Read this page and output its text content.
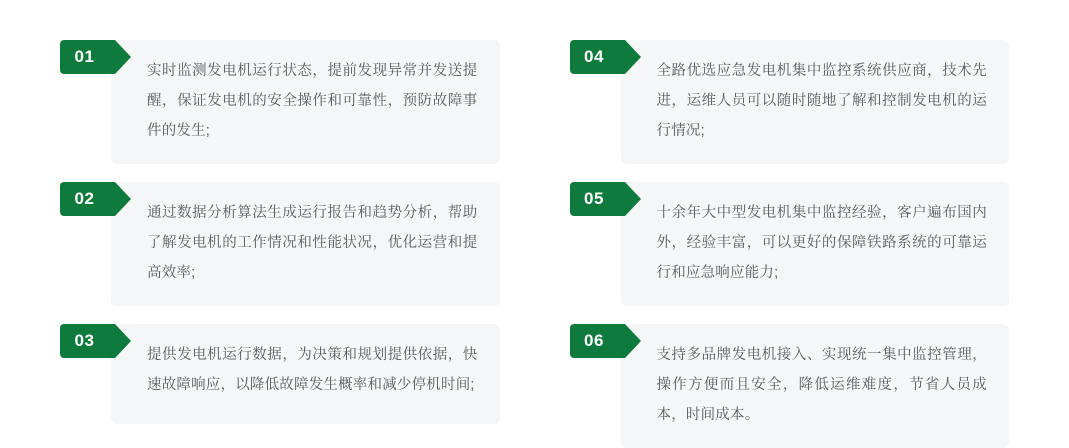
01
实时监测发电机运行状态，提前发现异常并发送提醒，保证发电机的安全操作和可靠性，预防故障事件的发生;
04
全路优选应急发电机集中监控系统供应商，技术先进，运维人员可以随时随地了解和控制发电机的运行情况;
02
通过数据分析算法生成运行报告和趋势分析，帮助了解发电机的工作情况和性能状况，优化运营和提高效率;
05
十余年大中型发电机集中监控经验，客户遍布国内外，经验丰富，可以更好的保障铁路系统的可靠运行和应急响应能力;
03
提供发电机运行数据，为决策和规划提供依据，快速故障响应，以降低故障发生概率和减少停机时间;
06
支持多品牌发电机接入、实现统一集中监控管理，操作方便而且安全，降低运维难度，节省人员成本，时间成本。
